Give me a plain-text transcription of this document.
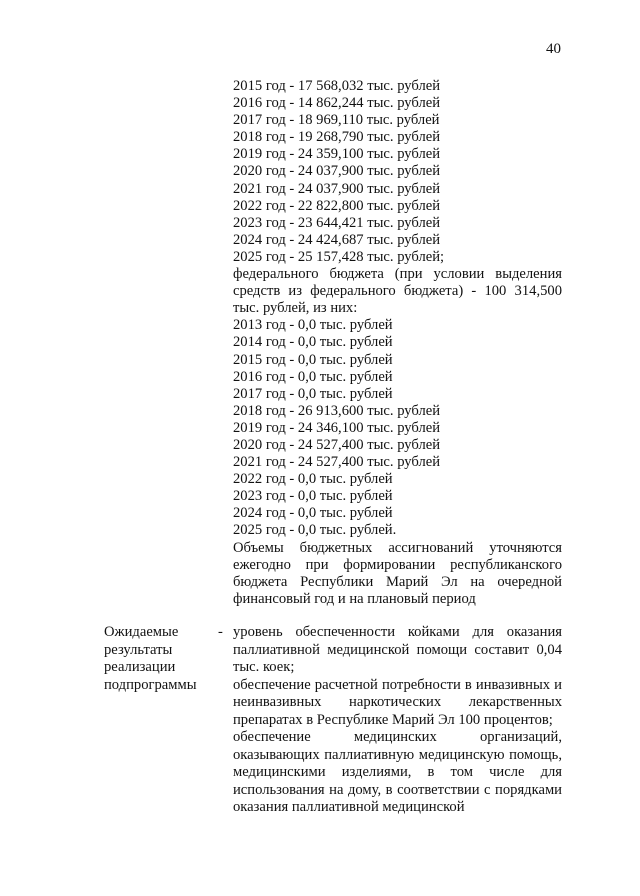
40
2015 год - 17 568,032 тыс. рублей
2016 год - 14 862,244 тыс. рублей
2017 год - 18 969,110 тыс. рублей
2018 год - 19 268,790 тыс. рублей
2019 год - 24 359,100 тыс. рублей
2020 год - 24 037,900 тыс. рублей
2021 год - 24 037,900 тыс. рублей
2022 год - 22 822,800 тыс. рублей
2023 год - 23 644,421 тыс. рублей
2024 год - 24 424,687 тыс. рублей
2025 год - 25 157,428 тыс. рублей;
федерального бюджета (при условии выделения средств из федерального бюджета) - 100 314,500 тыс. рублей, из них:
2013 год - 0,0 тыс. рублей
2014 год - 0,0 тыс. рублей
2015 год - 0,0 тыс. рублей
2016 год - 0,0 тыс. рублей
2017 год - 0,0 тыс. рублей
2018 год - 26 913,600 тыс. рублей
2019 год - 24 346,100 тыс. рублей
2020 год - 24 527,400 тыс. рублей
2021 год - 24 527,400 тыс. рублей
2022 год - 0,0 тыс. рублей
2023 год - 0,0 тыс. рублей
2024 год - 0,0 тыс. рублей
2025 год - 0,0 тыс. рублей.
Объемы бюджетных ассигнований уточняются ежегодно при формировании республиканского бюджета Республики Марий Эл на очередной финансовый год и на плановый период
Ожидаемые результаты реализации подпрограммы
- уровень обеспеченности койками для оказания паллиативной медицинской помощи составит 0,04 тыс. коек;
обеспечение расчетной потребности в инвазивных и неинвазивных наркотических лекарственных препаратах в Республике Марий Эл 100 процентов;
обеспечение медицинских организаций, оказывающих паллиативную медицинскую помощь, медицинскими изделиями, в том числе для использования на дому, в соответствии с порядками оказания паллиативной медицинской
